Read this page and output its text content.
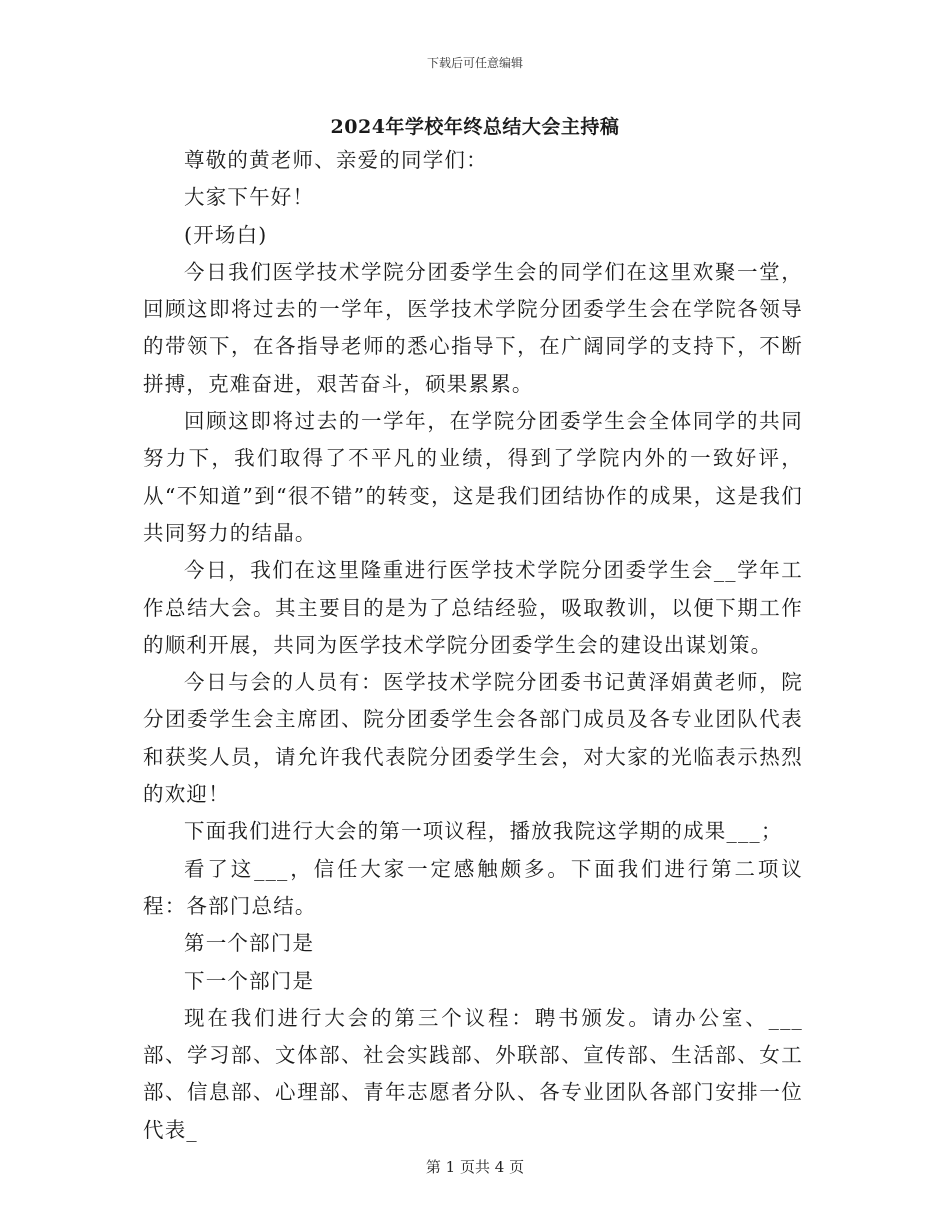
下载后可任意编辑
2024年学校年终总结大会主持稿

尊敬的黄老师、亲爱的同学们：

大家下午好！

(开场白)

今日我们医学技术学院分团委学生会的同学们在这里欢聚一堂，回顾这即将过去的一学年，医学技术学院分团委学生会在学院各领导的带领下，在各指导老师的悉心指导下，在广阔同学的支持下，不断拼搏，克难奋进，艰苦奋斗，硕果累累。

回顾这即将过去的一学年，在学院分团委学生会全体同学的共同努力下，我们取得了不平凡的业绩，得到了学院内外的一致好评，从“不知道”到“很不错”的转变，这是我们团结协作的成果，这是我们共同努力的结晶。

今日，我们在这里隆重进行医学技术学院分团委学生会__学年工作总结大会。其主要目的是为了总结经验，吸取教训，以便下期工作的顺利开展，共同为医学技术学院分团委学生会的建设出谋划策。

今日与会的人员有：医学技术学院分团委书记黄泽娟黄老师，院分团委学生会主席团、院分团委学生会各部门成员及各专业团队代表和获奖人员，请允许我代表院分团委学生会，对大家的光临表示热烈的欢迎！

下面我们进行大会的第一项议程，播放我院这学期的成果___；

看了这___，信任大家一定感触颇多。下面我们进行第二项议程：各部门总结。

第一个部门是

下一个部门是

现在我们进行大会的第三个议程：聘书颁发。请办公室、___部、学习部、文体部、社会实践部、外联部、宣传部、生活部、女工部、信息部、心理部、青年志愿者分队、各专业团队各部门安排一位代表_

第 1 页共 4 页
